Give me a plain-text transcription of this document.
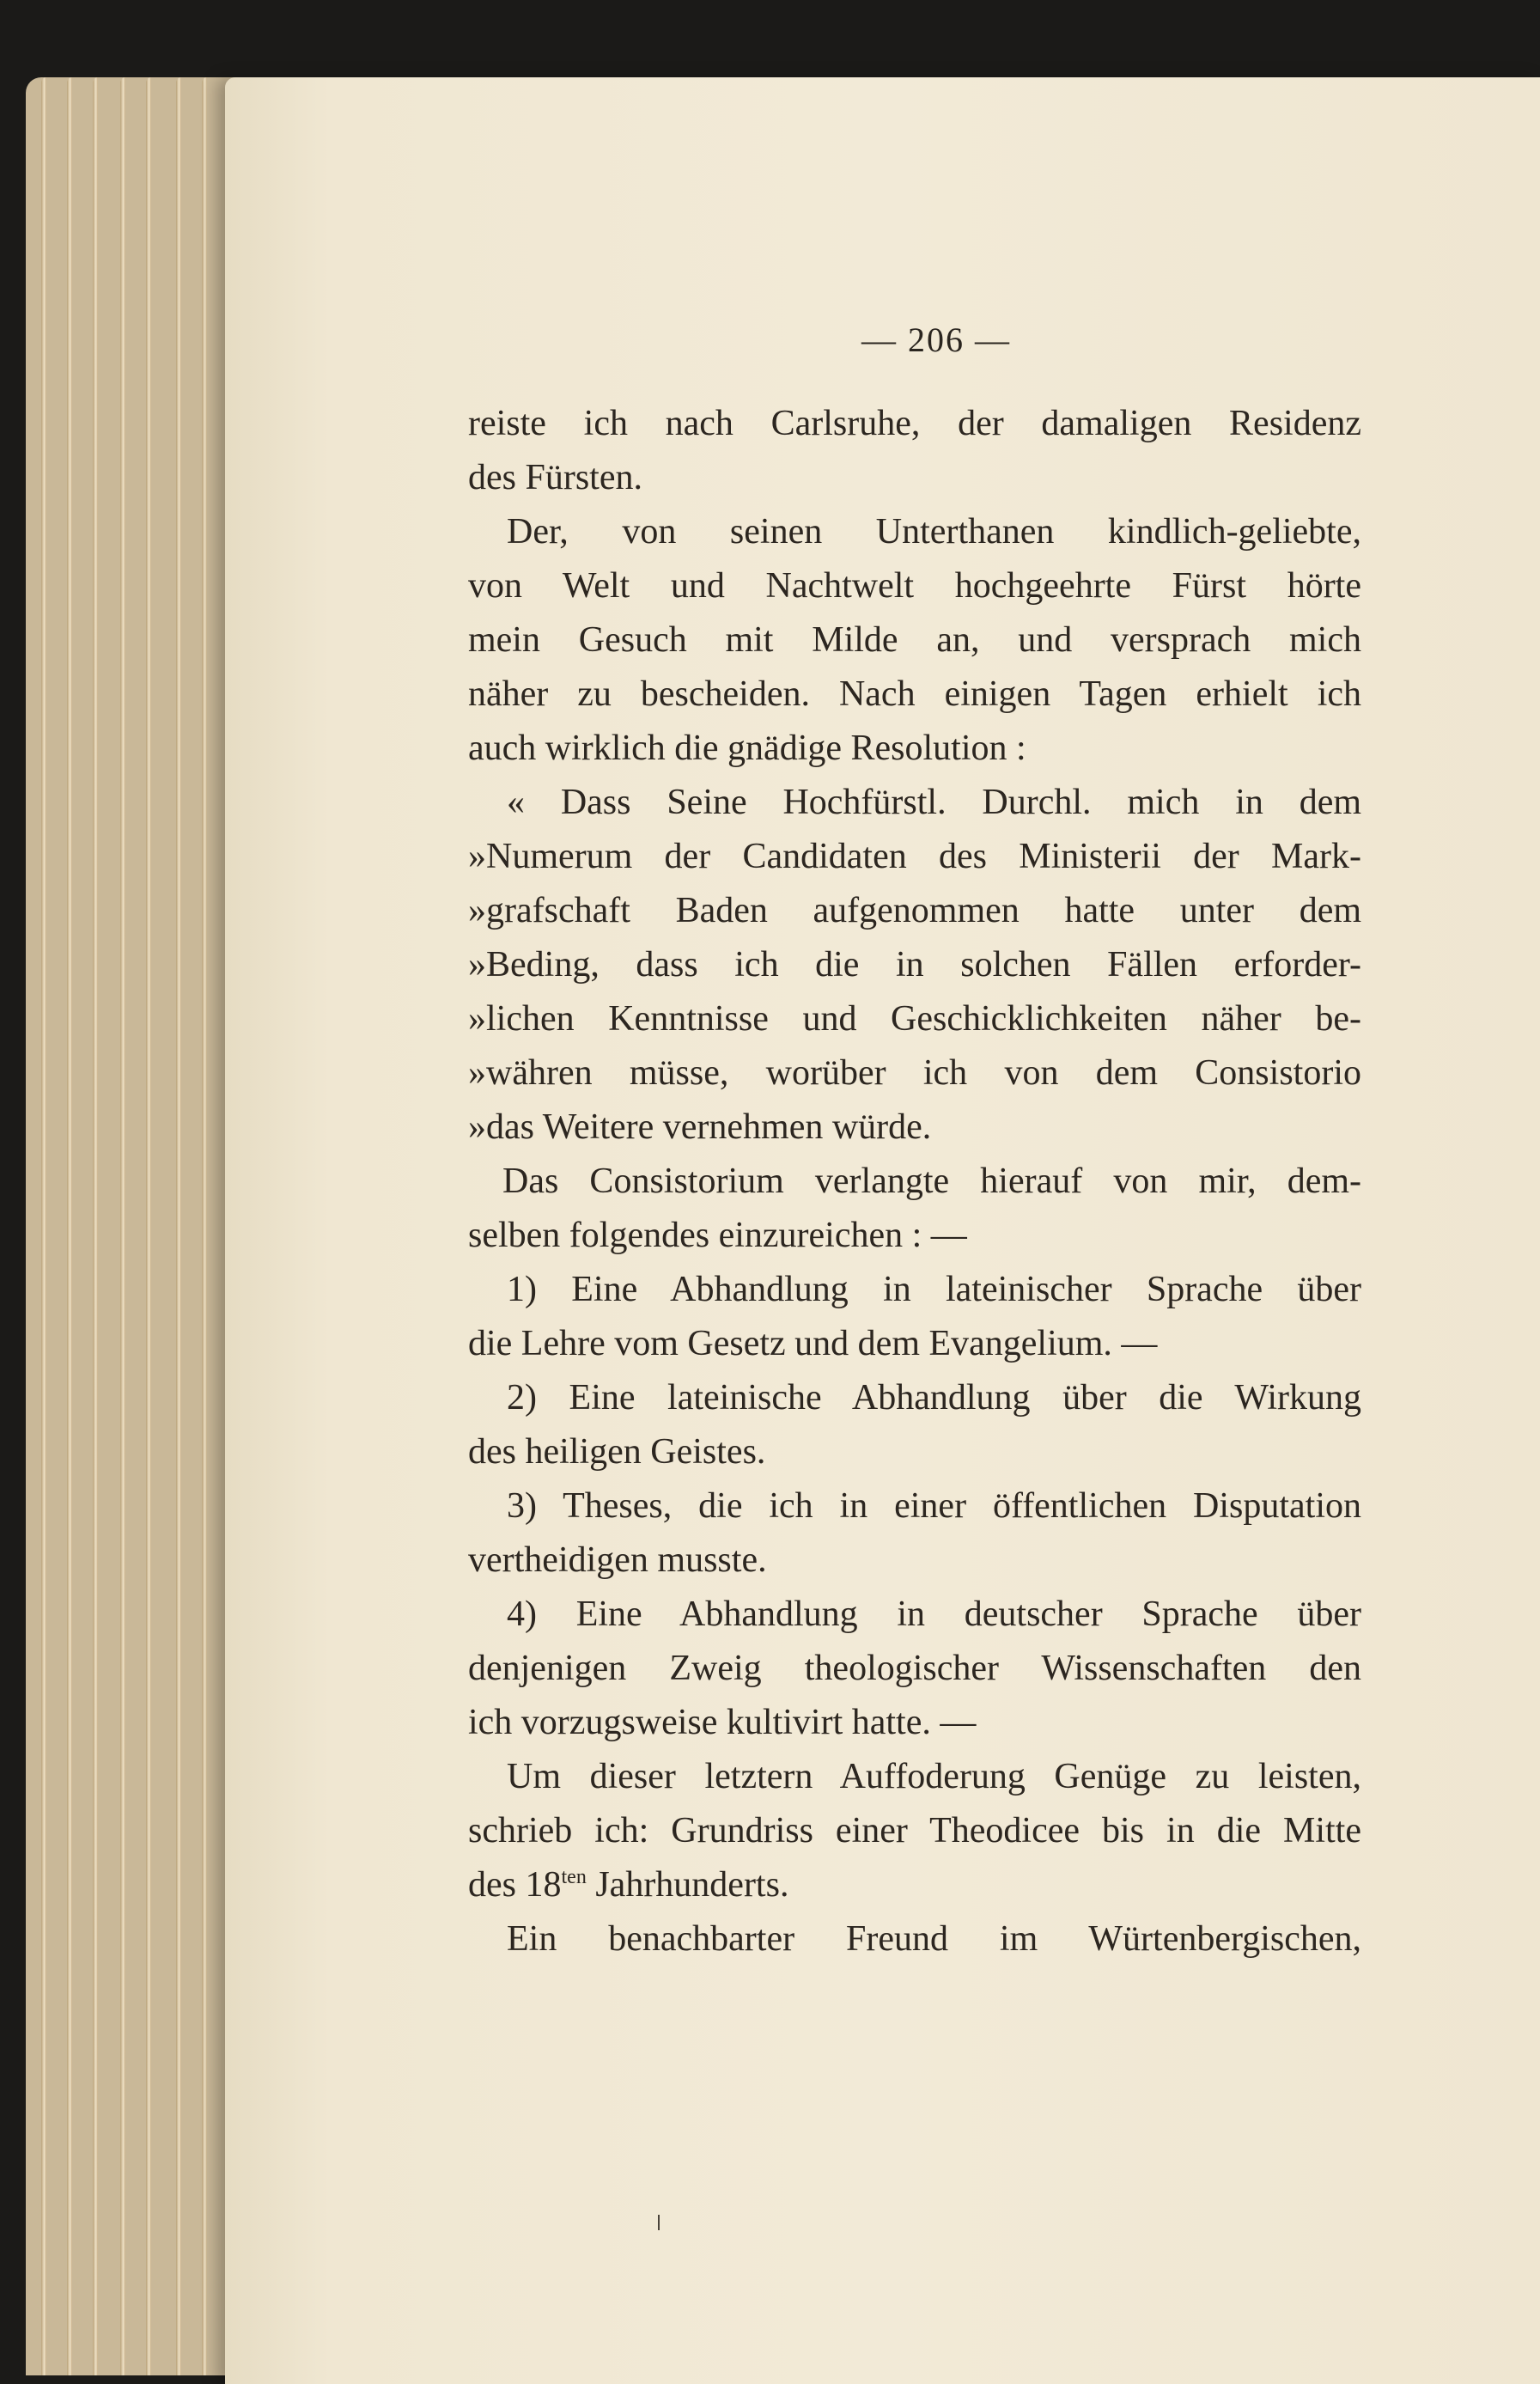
— 206 —
reiste ich nach Carlsruhe, der damaligen Residenz
des Fürsten.
Der, von seinen Unterthanen kindlich-geliebte,
von Welt und Nachtwelt hochgeehrte Fürst hörte
mein Gesuch mit Milde an, und versprach mich
näher zu bescheiden. Nach einigen Tagen erhielt ich
auch wirklich die gnädige Resolution :
« Dass Seine Hochfürstl. Durchl. mich in dem
»Numerum der Candidaten des Ministerii der Mark-
»grafschaft Baden aufgenommen hatte unter dem
»Beding, dass ich die in solchen Fällen erforder-
»lichen Kenntnisse und Geschicklichkeiten näher be-
»währen müsse, worüber ich von dem Consistorio
»das Weitere vernehmen würde.
Das Consistorium verlangte hierauf von mir, dem-
selben folgendes einzureichen : —
1) Eine Abhandlung in lateinischer Sprache über
die Lehre vom Gesetz und dem Evangelium. —
2) Eine lateinische Abhandlung über die Wirkung
des heiligen Geistes.
3) Theses, die ich in einer öffentlichen Disputation
vertheidigen musste.
4) Eine Abhandlung in deutscher Sprache über
denjenigen Zweig theologischer Wissenschaften den
ich vorzugsweise kultivirt hatte. —
Um dieser letztern Auffoderung Genüge zu leisten,
schrieb ich: Grundriss einer Theodicee bis in die Mitte
des $18^{ten}$ Jahrhunderts.
Ein benachbarter Freund im Würtenbergischen,
